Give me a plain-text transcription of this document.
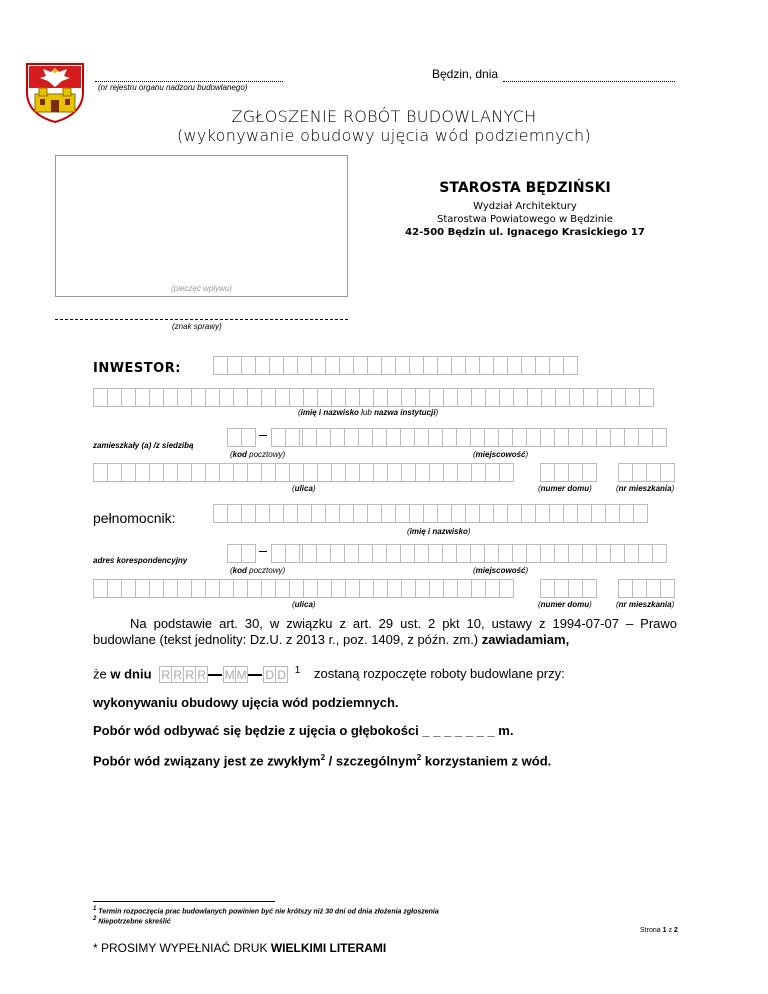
(nr rejestru organu nadzoru budowlanego)
Będzin, dnia
ZGŁOSZENIE ROBÓT BUDOWLANYCH
(wykonywanie obudowy ujęcia wód podziemnych)
(pieczęć wpływu)
(znak sprawy)
STAROSTA BĘDZIŃSKI
Wydział Architektury
Starostwa Powiatowego w Będzinie
42-500 Będzin ul. Ignacego Krasickiego 17
INWESTOR:
(imię i nazwisko lub nazwa instytucji)
zamieszkały (a) /z siedzibą
(kod pocztowy)	(miejscowość)
(ulica)	(numer domu)	(nr mieszkania)
pełnomocnik:
(imię i nazwisko)
adres korespondencyjny
(kod pocztowy)	(miejscowość)
(ulica)	(numer domu)	(nr mieszkania)
Na podstawie art. 30, w związku z art. 29 ust. 2 pkt 10, ustawy z 1994-07-07 – Prawo budowlane (tekst jednolity: Dz.U. z 2013 r., poz. 1409, z późn. zm.) zawiadamiam,
że w dniu R R R R M M D D $^1$ zostaną rozpoczęte roboty budowlane przy:
wykonywaniu obudowy ujęcia wód podziemnych.
Pobór wód odbywać się będzie z ujęcia o głębokości _ _ _ _ _ _ _ m.
Pobór wód związany jest ze zwykłym$^2$ / szczególnym$^2$ korzystaniem z wód.
$^1$ Termin rozpoczęcia prac budowlanych powinien być nie krótszy niż 30 dni od dnia złożenia zgłoszenia
$^2$ Niepotrzebne skreślić
Strona 1 z 2
* PROSIMY WYPEŁNIAĆ DRUK WIELKIMI LITERAMI
